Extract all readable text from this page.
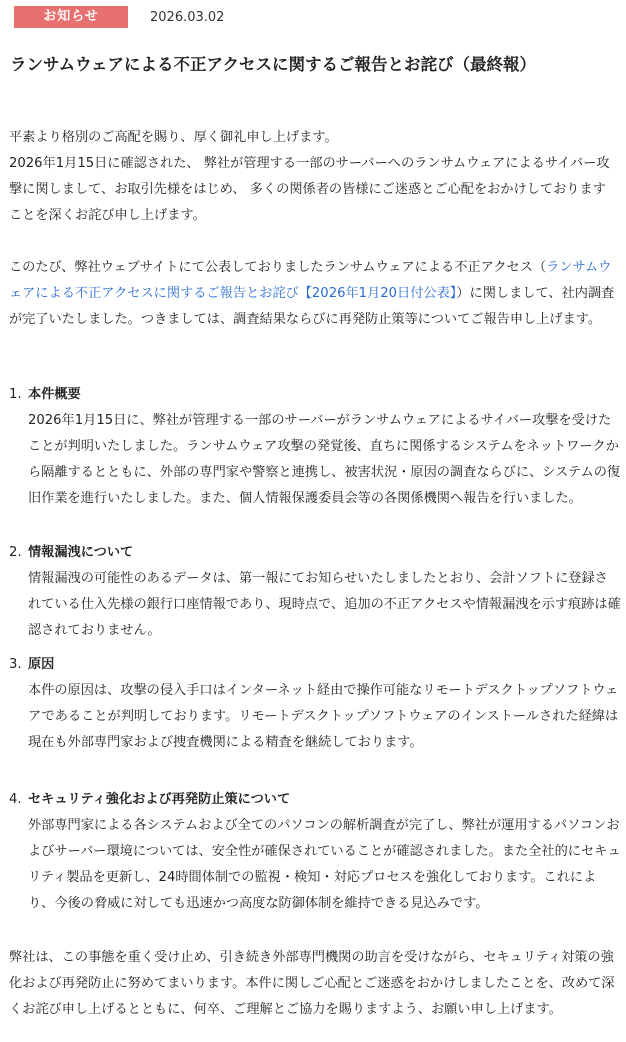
お知らせ	2026.03.02
ランサムウェアによる不正アクセスに関するご報告とお詫び（最終報）
平素より格別のご高配を賜り、厚く御礼申し上げます。
2026年1月15日に確認された、 弊社が管理する一部のサーバーへのランサムウェアによるサイバー攻撃に関しまして、お取引先様をはじめ、 多くの関係者の皆様にご迷惑とご心配をおかけしておりますことを深くお詫び申し上げます。
このたび、弊社ウェブサイトにて公表しておりましたランサムウェアによる不正アクセス（ランサムウェアによる不正アクセスに関するご報告とお詫び【2026年1月20日付公表】）に関しまして、社内調査が完了いたしました。つきましては、調査結果ならびに再発防止策等についてご報告申し上げます。
1. 本件概要

2026年1月15日に、弊社が管理する一部のサーバーがランサムウェアによるサイバー攻撃を受けたことが判明いたしました。ランサムウェア攻撃の発覚後、直ちに関係するシステムをネットワークから隔離するとともに、外部の専門家や警察と連携し、被害状況・原因の調査ならびに、システムの復旧作業を進行いたしました。また、個人情報保護委員会等の各関係機関へ報告を行いました。

2. 情報漏洩について

情報漏洩の可能性のあるデータは、第一報にてお知らせいたしましたとおり、会計ソフトに登録されている仕入先様の銀行口座情報であり、現時点で、追加の不正アクセスや情報漏洩を示す痕跡は確認されておりません。

3. 原因

本件の原因は、攻撃の侵入手口はインターネット経由で操作可能なリモートデスクトップソフトウェアであることが判明しております。リモートデスクトップソフトウェアのインストールされた経緯は現在も外部専門家および捜査機関による精査を継続しております。

4. セキュリティ強化および再発防止策について

外部専門家による各システムおよび全てのパソコンの解析調査が完了し、弊社が運用するパソコンおよびサーバー環境については、安全性が確保されていることが確認されました。また全社的にセキュリティ製品を更新し、24時間体制での監視・検知・対応プロセスを強化しております。これにより、今後の脅威に対しても迅速かつ高度な防御体制を維持できる見込みです。

弊社は、この事態を重く受け止め、引き続き外部専門機関の助言を受けながら、セキュリティ対策の強化および再発防止に努めてまいります。本件に関しご心配とご迷惑をおかけしましたことを、改めて深くお詫び申し上げるとともに、何卒、ご理解とご協力を賜りますよう、お願い申し上げます。
